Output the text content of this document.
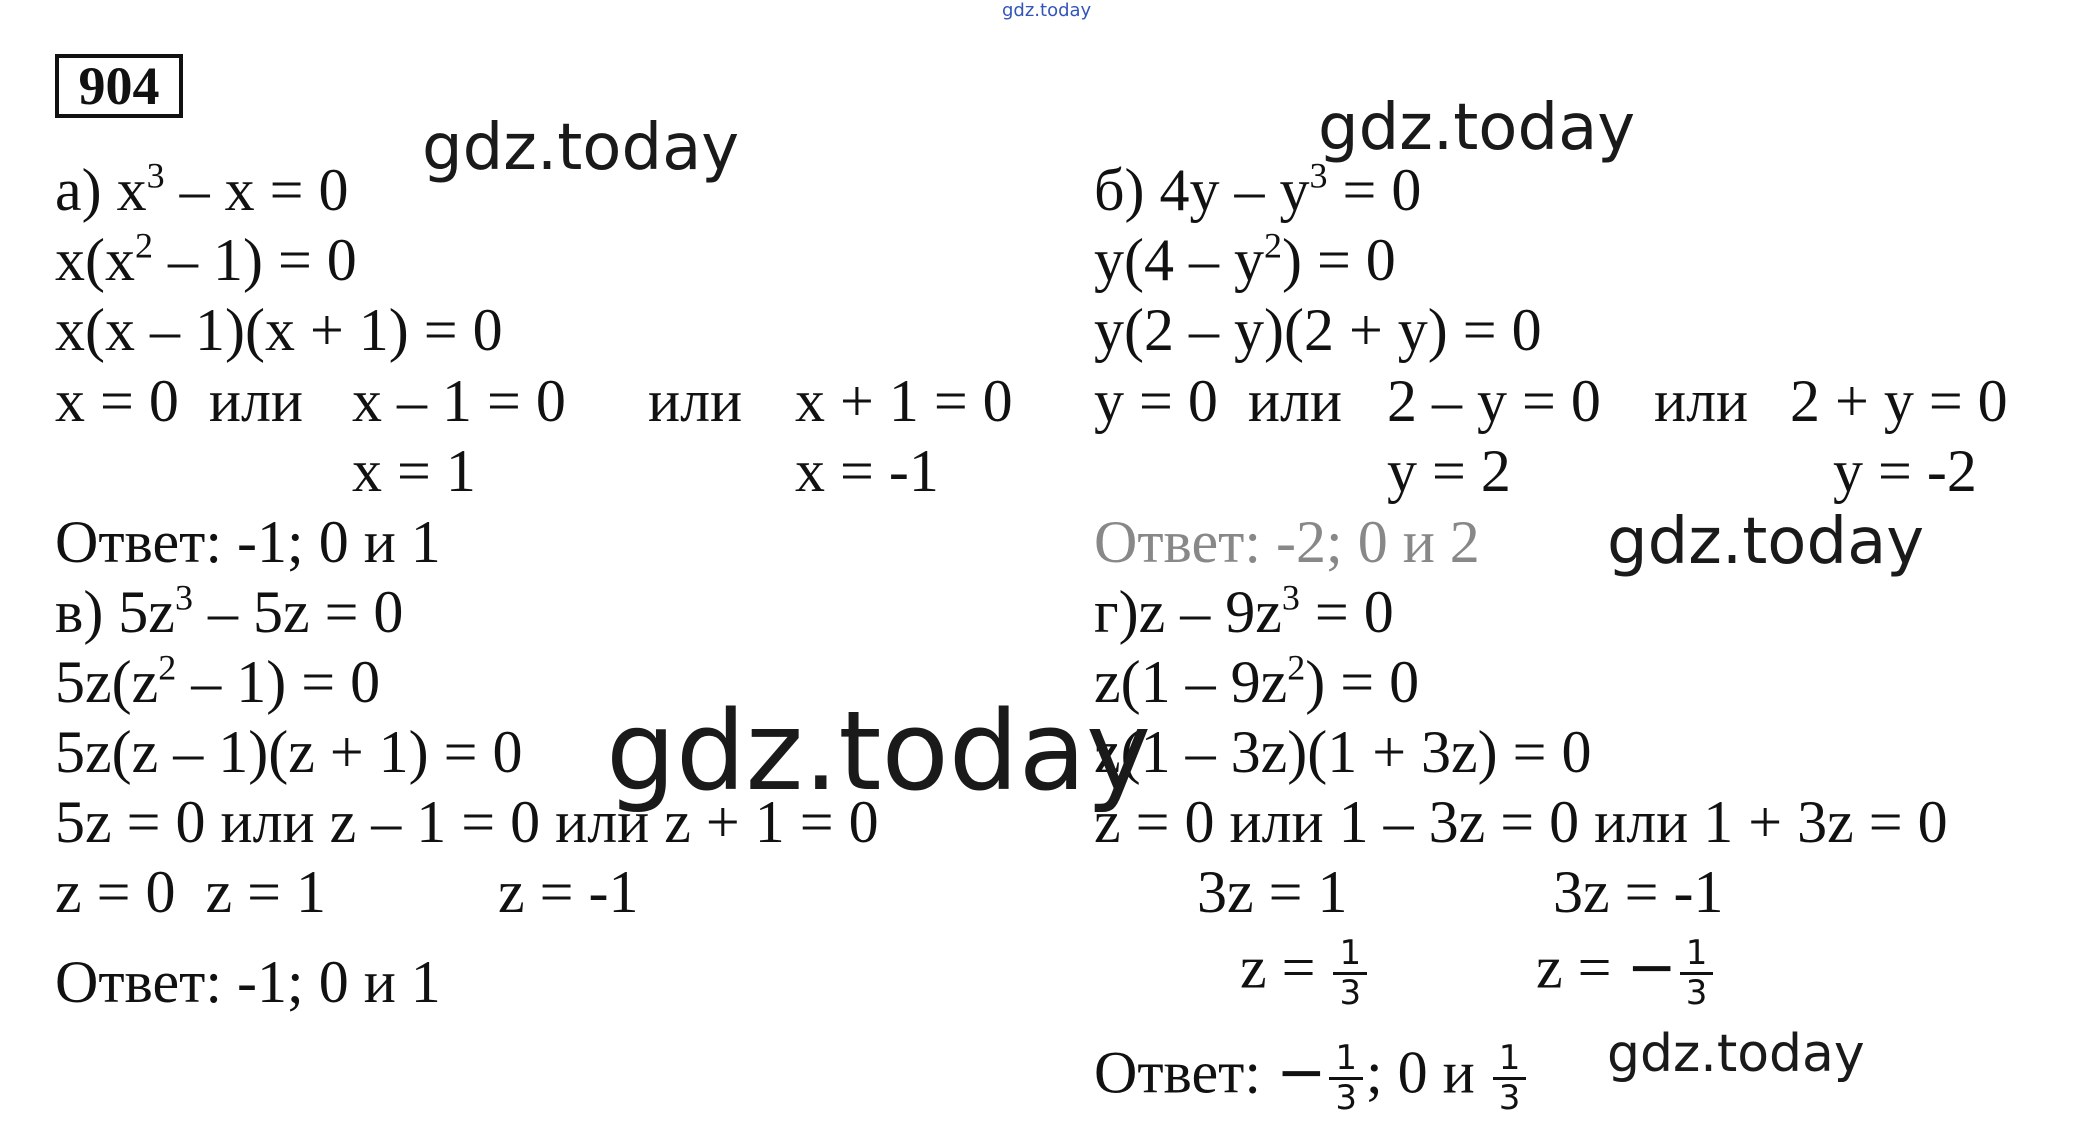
gdz.today
904
а) $x^3 - x = 0$
$x(x^2 - 1) = 0$
x(x – 1)(x + 1) = 0
x = 0  или x – 1 = 0 или x + 1 = 0
x = 1	x = -1
Ответ: -1; 0 и 1
б) $4y - y^3 = 0$
$y(4 - y^2) = 0$
y(2 – y)(2 + y) = 0
y = 0  или 2 – y = 0 или 2 + y = 0
y = 2	y = -2
Ответ: -2; 0 и 2
в) $5z^3 - 5z = 0$
$5z(z^2 - 1) = 0$
5z(z – 1)(z + 1) = 0
5z = 0 или z – 1 = 0 или z + 1 = 0
z = 0  z = 1	z = -1
Ответ: -1; 0 и 1
$г)z - 9z^3 = 0$
$z(1 - 9z^2) = 0$
z(1 – 3z)(1 + 3z) = 0
z = 0 или 1 – 3z = 0 или 1 + 3z = 0
3z = 1	3z = -1
$z = \frac{1}{3}$	z = − $\frac{1}{3}$
Ответ: − $\frac{1}{3}$ ; 0 и $\frac{1}{3}$
gdz.today	gdz.today
gdz.today
gdz.today
gdz.today
